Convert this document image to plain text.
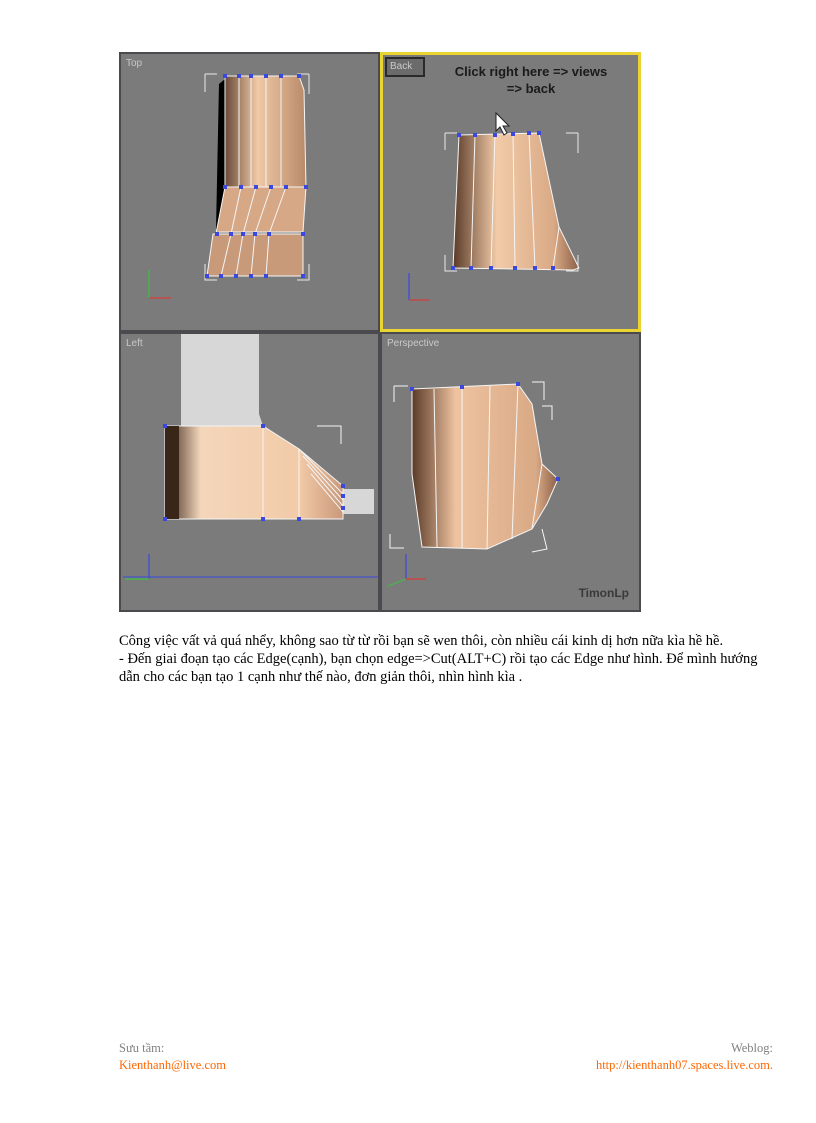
Top	Back	Click right here => views
=> back
Left	Perspective
TimonLp

Công việc vất vả quá nhểy, không sao từ từ rồi bạn sẽ wen thôi, còn nhiều cái kinh dị hơn nữa kìa hề hề.

- Đến giai đoạn tạo các Edge(cạnh), bạn chọn edge=>Cut(ALT+C) rồi tạo các Edge như hình. Để mình hướng dẫn cho các bạn tạo 1 cạnh như thế nào, đơn giản thôi, nhìn hình kìa .

Sưu tầm:
Kienthanh@live.com
Weblog:
http://kienthanh07.spaces.live.com.
